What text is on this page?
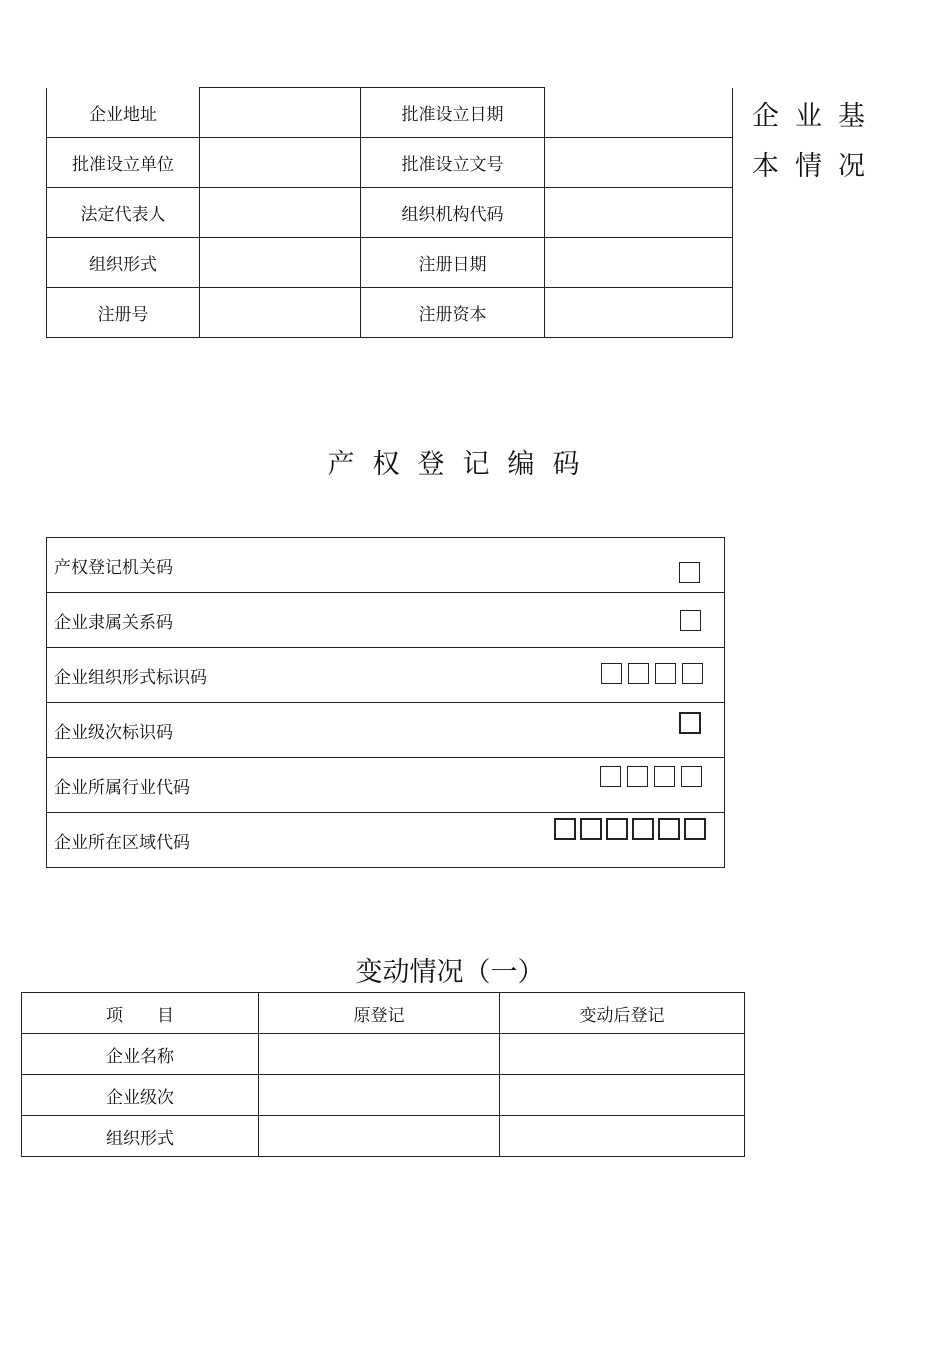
企业地址		批准设立日期	
批准设立单位		批准设立文号	
法定代表人		组织机构代码	
组织形式		注册日期	
注册号		注册资本	
企业基
本情况
产权登记编码
产权登记机关码

企业隶属关系码

企业组织形式标识码

企业级次标识码

企业所属行业代码

企业所在区域代码
变动情况（一）
项　　目	原登记	变动后登记
企业名称		
企业级次		
组织形式		
